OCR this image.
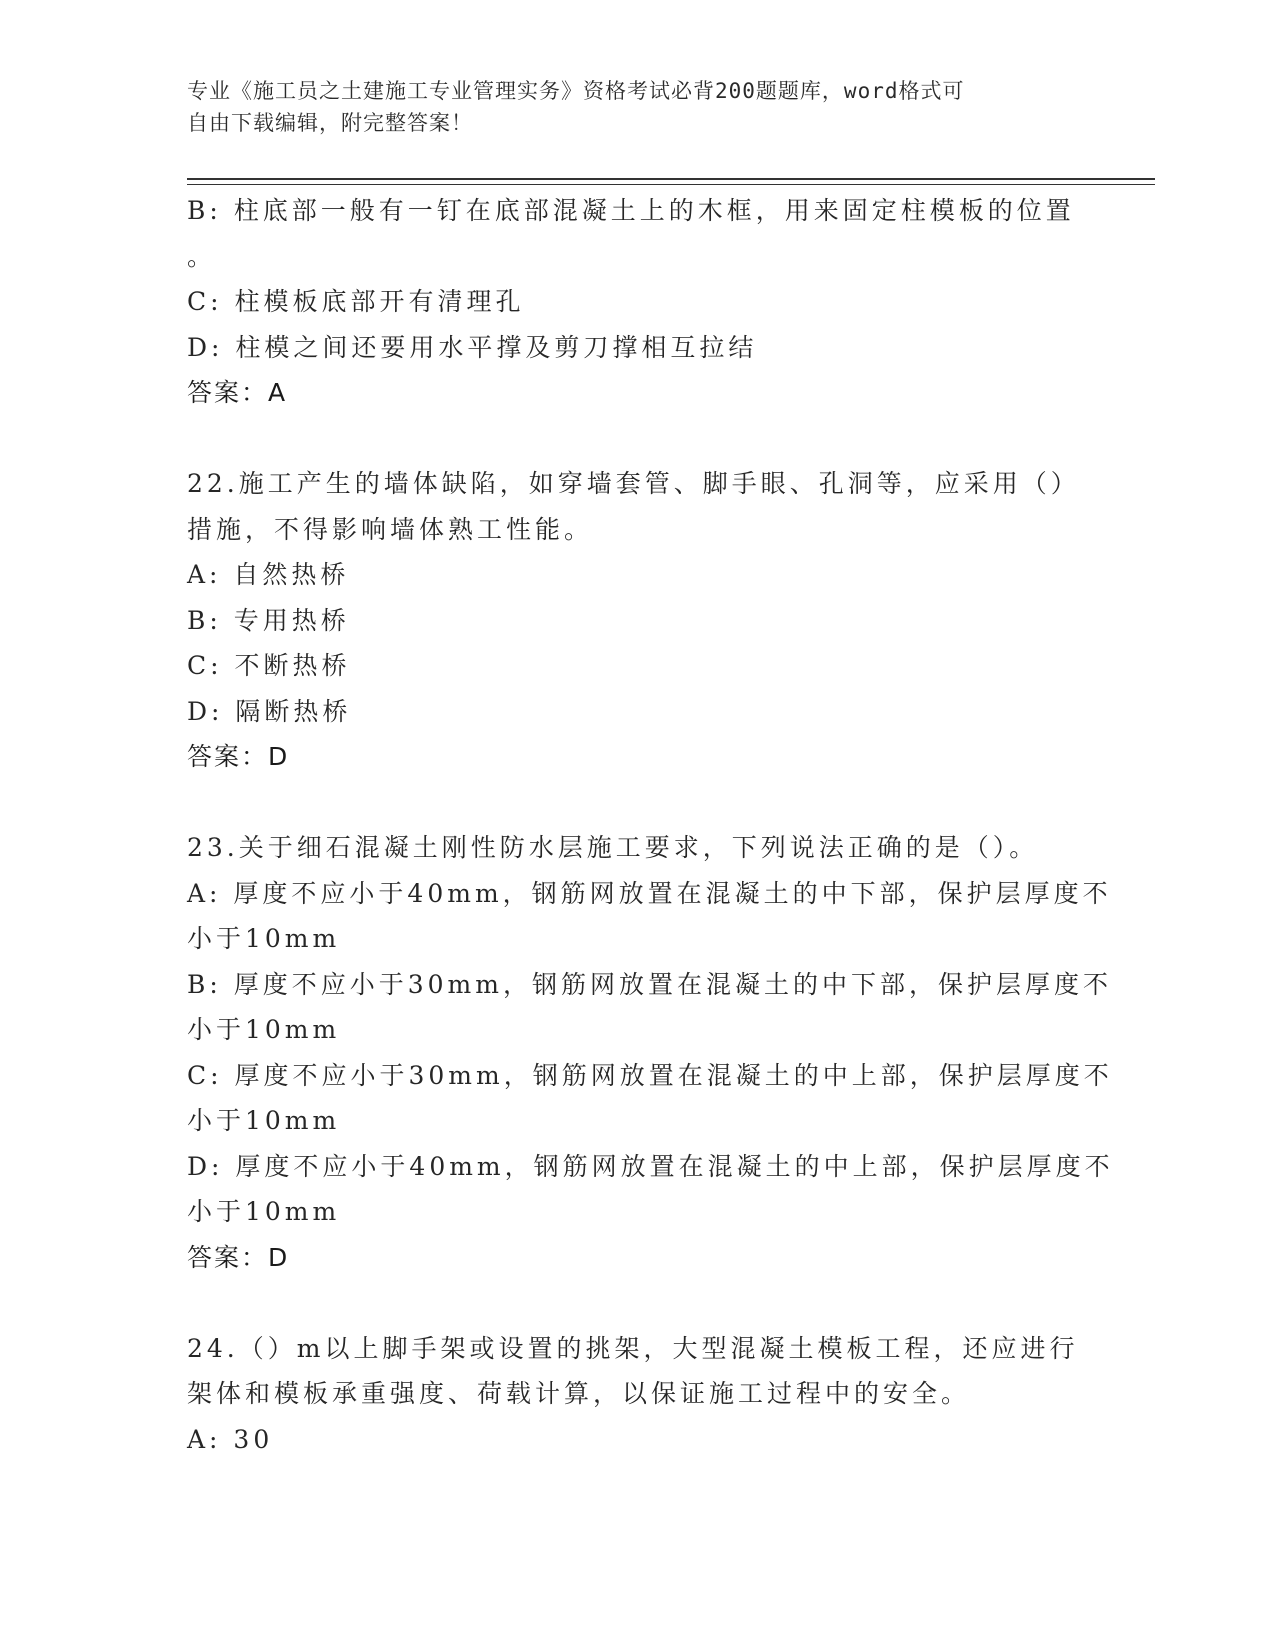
专业《施工员之土建施工专业管理实务》资格考试必背200题题库，word格式可
自由下载编辑，附完整答案！
B: 柱底部一般有一钉在底部混凝土上的木框，用来固定柱模板的位置
。
C: 柱模板底部开有清理孔
D: 柱模之间还要用水平撑及剪刀撑相互拉结
答案：A
22.施工产生的墙体缺陷，如穿墙套管、脚手眼、孔洞等，应采用（）
措施，不得影响墙体熟工性能。
A: 自然热桥
B: 专用热桥
C: 不断热桥
D: 隔断热桥
答案：D
23.关于细石混凝土刚性防水层施工要求，下列说法正确的是（）。
A: 厚度不应小于40mm，钢筋网放置在混凝土的中下部，保护层厚度不
小于10mm
B: 厚度不应小于30mm，钢筋网放置在混凝土的中下部，保护层厚度不
小于10mm
C: 厚度不应小于30mm，钢筋网放置在混凝土的中上部，保护层厚度不
小于10mm
D: 厚度不应小于40mm，钢筋网放置在混凝土的中上部，保护层厚度不
小于10mm
答案：D
24.（）m以上脚手架或设置的挑架，大型混凝土模板工程，还应进行
架体和模板承重强度、荷载计算，以保证施工过程中的安全。
A: 30
